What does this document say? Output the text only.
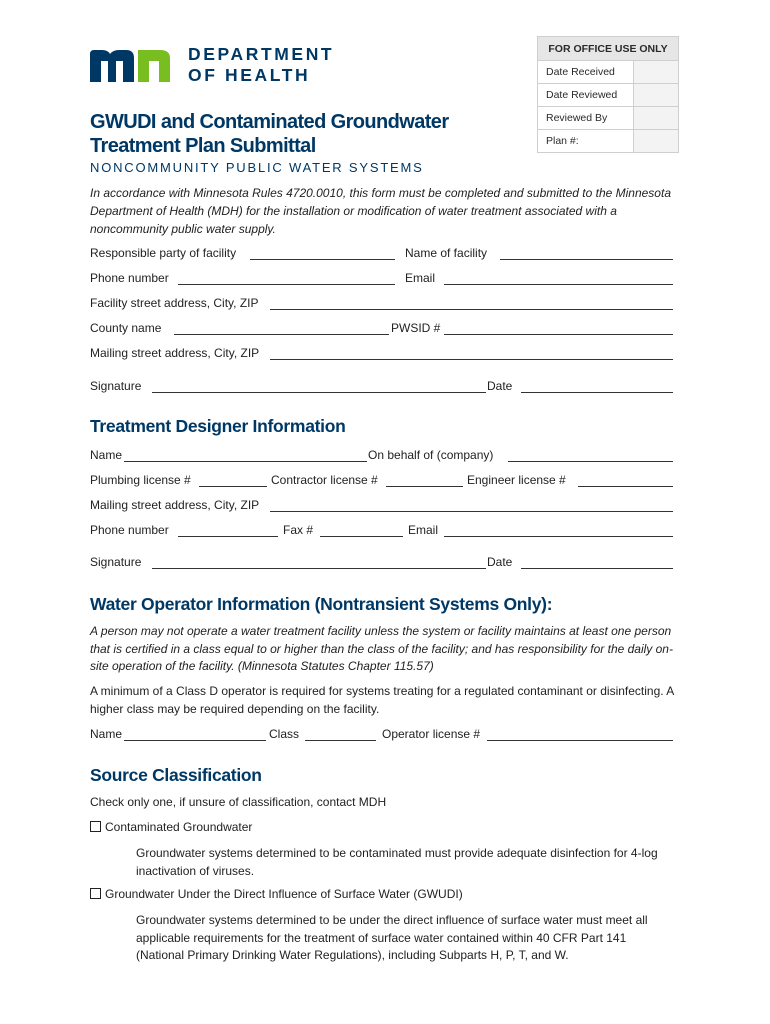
DEPARTMENT
OF HEALTH
FOR OFFICE USE ONLY	
Date Received	
Date Reviewed	
Reviewed By	
Plan #:	
GWUDI and Contaminated Groundwater Treatment Plan Submittal
NONCOMMUNITY PUBLIC WATER SYSTEMS
In accordance with Minnesota Rules 4720.0010, this form must be completed and submitted to the Minnesota Department of Health (MDH) for the installation or modification of water treatment associated with a noncommunity public water supply.
Responsible party of facility	Name of facility
Phone number	Email
Facility street address, City, ZIP
County name	PWSID #
Mailing street address, City, ZIP
Signature	Date
Treatment Designer Information
Name	On behalf of (company)
Plumbing license #	Contractor license #	Engineer license #
Mailing street address, City, ZIP
Phone number	Fax #	Email
Signature	Date
Water Operator Information (Nontransient Systems Only):
A person may not operate a water treatment facility unless the system or facility maintains at least one person that is certified in a class equal to or higher than the class of the facility; and has responsibility for the daily on-site operation of the facility. (Minnesota Statutes Chapter 115.57)
A minimum of a Class D operator is required for systems treating for a regulated contaminant or disinfecting. A higher class may be required depending on the facility.
Name	Class	Operator license #
Source Classification
Check only one, if unsure of classification, contact MDH
Contaminated Groundwater
Groundwater systems determined to be contaminated must provide adequate disinfection for 4-log inactivation of viruses.
Groundwater Under the Direct Influence of Surface Water (GWUDI)
Groundwater systems determined to be under the direct influence of surface water must meet all applicable requirements for the treatment of surface water contained within 40 CFR Part 141 (National Primary Drinking Water Regulations), including Subparts H, P, T, and W.
